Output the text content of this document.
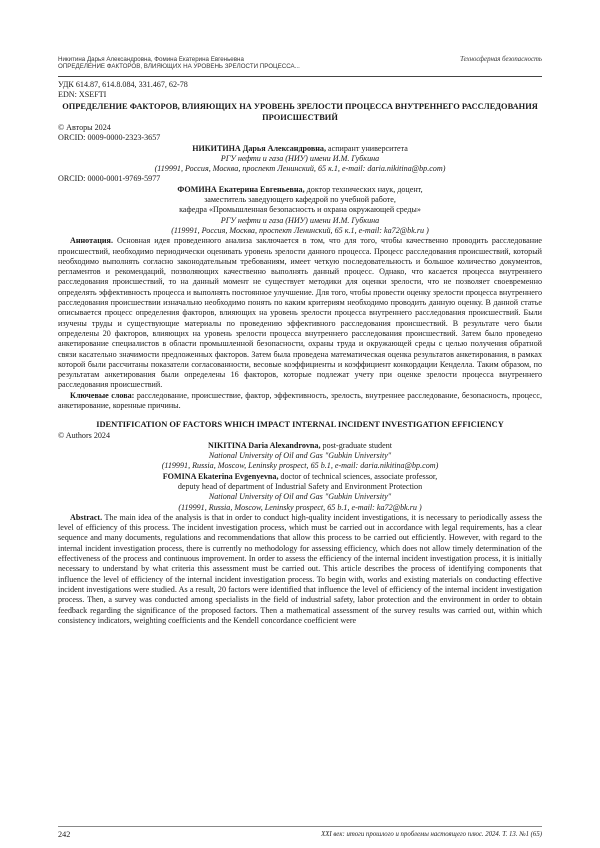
Никитина Дарья Александровна, Фомина Екатерина Евгеньевна
ОПРЕДЕЛЕНИЕ ФАКТОРОВ, ВЛИЯЮЩИХ НА УРОВЕНЬ ЗРЕЛОСТИ ПРОЦЕССА...
Техносферная безопасность

УДК 614.87, 614.8.084, 331.467, 62-78

EDN: XSEFTI

ОПРЕДЕЛЕНИЕ ФАКТОРОВ, ВЛИЯЮЩИХ НА УРОВЕНЬ ЗРЕЛОСТИ ПРОЦЕССА ВНУТРЕННЕГО РАССЛЕДОВАНИЯ ПРОИСШЕСТВИЙ

© Авторы 2024

ORCID: 0009-0000-2323-3657

НИКИТИНА Дарья Александровна, аспирант университета

РГУ нефти и газа (НИУ) имени И.М. Губкина

(119991, Россия, Москва, проспект Ленинский, 65 к.1, e-mail: daria.nikitina@bp.com)

ORCID: 0000-0001-9769-5977

ФОМИНА Екатерина Евгеньевна, доктор технических наук, доцент,

заместитель заведующего кафедрой по учебной работе,

кафедра «Промышленная безопасность и охрана окружающей среды»

РГУ нефти и газа (НИУ) имени И.М. Губкина

(119991, Россия, Москва, проспект Ленинский, 65 к.1, e-mail: ka72@bk.ru )

Аннотация. Основная идея проведенного анализа заключается в том, что для того, чтобы качественно проводить расследование происшествий, необходимо периодически оценивать уровень зрелости данного процесса. Процесс расследования происшествий, который необходимо выполнять согласно законодательным требованиям, имеет четкую последовательность и большое количество документов, регламентов и рекомендаций, позволяющих качественно выполнять данный процесс. Однако, что касается процесса внутреннего расследования происшествий, то на данный момент не существует методики для оценки зрелости, что не позволяет своевременно определять эффективность процесса и выполнять постоянное улучшение. Для того, чтобы провести оценку зрелости процесса внутреннего расследования происшествии изначально необходимо понять по каким критериям необходимо проводить данную оценку. В данной статье описывается процесс определения факторов, влияющих на уровень зрелости процесса внутреннего расследования происшествий. Были изучены труды и существующие материалы по проведению эффективного расследования происшествий. В результате чего были определены 20 факторов, влияющих на уровень зрелости процесса внутреннего расследования происшествий. Затем было проведено анкетирование специалистов в области промышленной безопасности, охраны труда и окружающей среды с целью получения обратной связи касательно значимости предложенных факторов. Затем была проведена математическая оценка результатов анкетирования, в рамках которой были рассчитаны показатели согласованности, весовые коэффициенты и коэффициент конкордации Кенделла. Таким образом, по результатам анкетирования были определены 16 факторов, которые подлежат учету при оценке зрелости процесса внутреннего расследования происшествий.

Ключевые слова: расследование, происшествие, фактор, эффективность, зрелость, внутреннее расследование, безопасность, процесс, анкетирование, коренные причины.

IDENTIFICATION OF FACTORS WHICH IMPACT INTERNAL INCIDENT INVESTIGATION EFFICIENCY

© Authors 2024

NIKITINA Daria Alexandrovna, post-graduate student

National University of Oil and Gas "Gubkin University"

(119991, Russia, Moscow, Leninsky prospect, 65 b.1, e-mail: daria.nikitina@bp.com)

FOMINA Ekaterina Evgenyevna, doctor of technical sciences, associate professor,

deputy head of department of Industrial Safety and Environment Protection

National University of Oil and Gas "Gubkin University"

(119991, Russia, Moscow, Leninsky prospect, 65 b.1, e-mail: ka72@bk.ru )

Abstract. The main idea of the analysis is that in order to conduct high-quality incident investigations, it is necessary to periodically assess the level of efficiency of this process. The incident investigation process, which must be carried out in accordance with legal requirements, has a clear sequence and many documents, regulations and recommendations that allow this process to be carried out efficiently. However, with regard to the internal incident investigation process, there is currently no methodology for assessing efficiency, which does not allow timely determination of the effectiveness of the process and continuous improvement. In order to assess the efficiency of the internal incident investigation process, it is initially necessary to understand by what criteria this assessment must be carried out. This article describes the process of identifying components that influence the level of efficiency of the internal incident investigation process. To begin with, works and existing materials on conducting effective incident investigations were studied. As a result, 20 factors were identified that influence the level of efficiency of the internal incident investigation process. Then, a survey was conducted among specialists in the field of industrial safety, labor protection and the environment in order to obtain feedback regarding the significance of the proposed factors. Then a mathematical assessment of the survey results was carried out, within which consistency indicators, weighting coefficients and the Kendell concordance coefficient were

242	XXI век: итоги прошлого и проблемы настоящего плюс. 2024. Т. 13. №1 (65)
